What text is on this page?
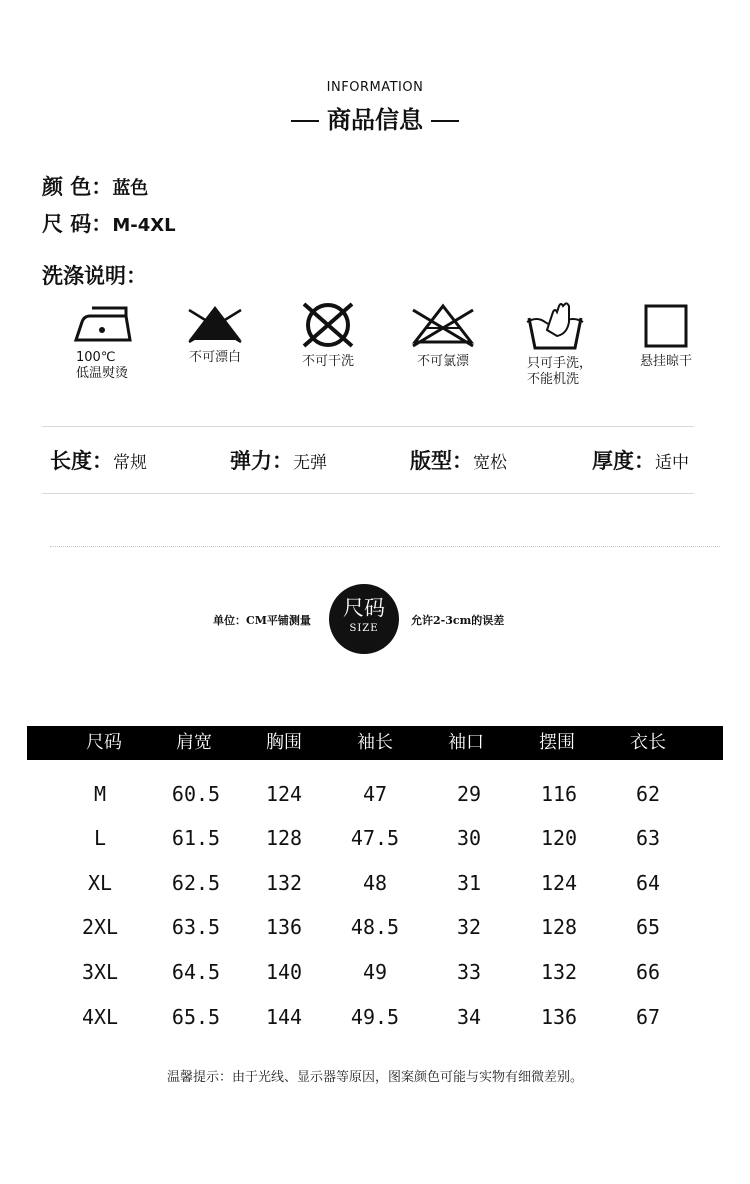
INFORMATION
商品信息
颜 色：蓝色
尺 码：M-4XL
洗涤说明：
100℃
低温熨烫
不可漂白	不可干洗	不可氯漂	只可手洗，
不能机洗
悬挂晾干
长度：常规	弹力：无弹	版型：宽松	厚度：适中
单位：CM平铺测量
尺码
SIZE
允许2-3cm的误差
尺码	肩宽	胸围	袖长	袖口	摆围	衣长
M	60.5	124	47	29	116	62
L	61.5	128	47.5	30	120	63
XL	62.5	132	48	31	124	64
2XL	63.5	136	48.5	32	128	65
3XL	64.5	140	49	33	132	66
4XL	65.5	144	49.5	34	136	67
温馨提示：由于光线、显示器等原因，图案颜色可能与实物有细微差别。
